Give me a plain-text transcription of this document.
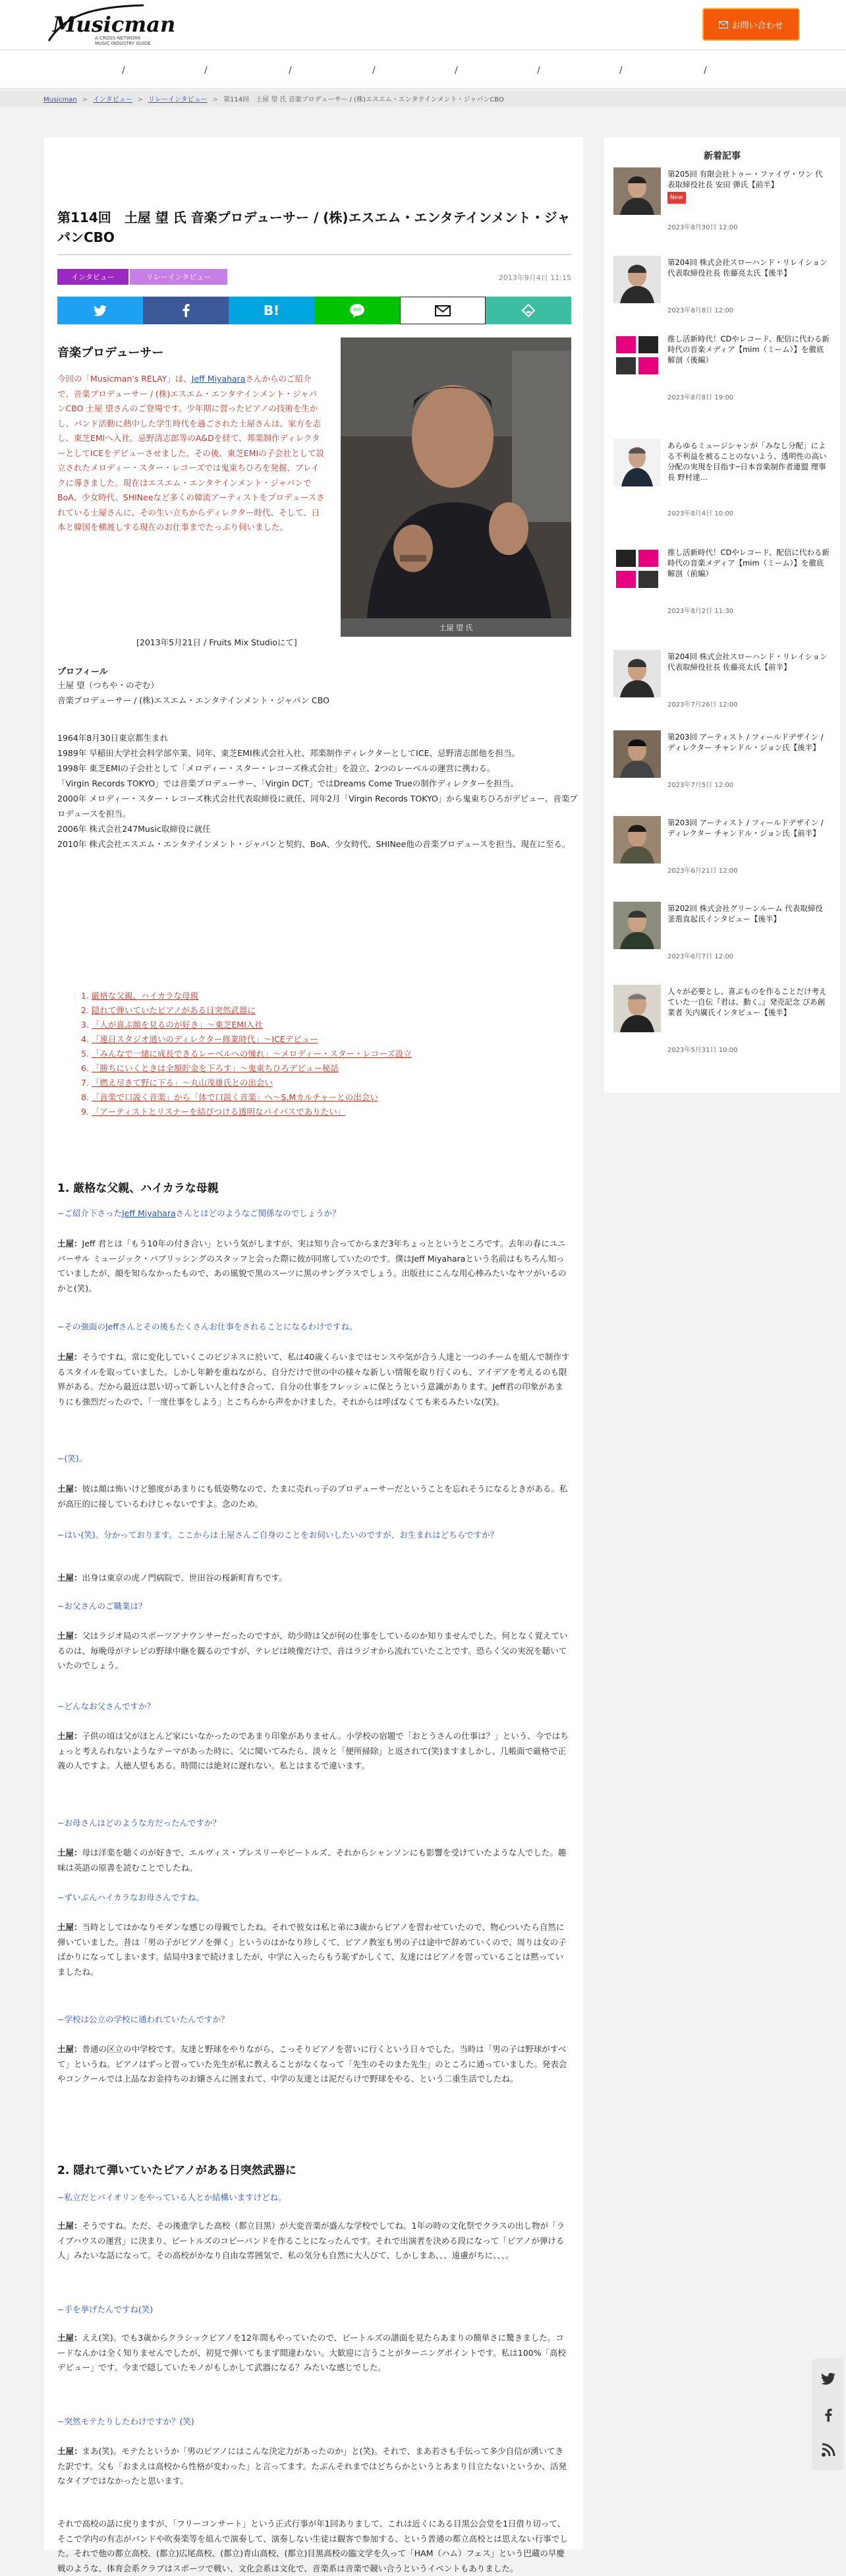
Musicman
A CROSS-NETWORK
MUSIC INDUSTRY GUIDE
お問い合わせ
/	/	/	/	/	/	/	/
Musicman > インタビュー > リレーインタビュー > 第114回　土屋 望 氏 音楽プロデューサー / (株)エスエム・エンタテインメント・ジャパンCBO
第114回　土屋 望 氏 音楽プロデューサー / (株)エスエム・エンタテインメント・ジャパンCBO
インタビュー	リレーインタビュー	2013年9月4日 11:15
B!
音楽プロデューサー

今回の「Musicman's RELAY」は、Jeff Miyaharaさんからのご紹介で、音楽プロデューサー / (株)エスエム・エンタテインメント・ジャパンCBO 土屋 望さんのご登場です。少年期に習ったピアノの技術を生かし、バンド活動に熱中した学生時代を過ごされた土屋さんは、家方を志し、東芝EMIへ入社。忌野清志郎等のA&Dを経て、邦楽制作ディレクターとしてICEをデビューさせました。その後、東芝EMIの子会社として設立されたメロディー・スター・レコーズでは鬼束ちひろを発掘、ブレイクに導きました。現在はエスエム・エンタテインメント・ジャパンでBoA、少女時代、SHINeeなど多くの韓流アーティストをプロデュースされている土屋さんに、その生い立ちからディレクター時代、そして、日本と韓国を横渡しする現在のお仕事までたっぷり伺いました。

土屋 望 氏
[2013年5月21日 / Fruits Mix Studioにて]
プロフィール
土屋 望（つちや・のぞむ）
音楽プロデューサー / (株)エスエム・エンタテインメント・ジャパン CBO
1964年8月30日東京都生まれ
1989年 早稲田大学社会科学部卒業、同年、東芝EMI株式会社入社、邦楽制作ディレクターとしてICE、忌野清志郎他を担当。
1998年 東芝EMIの子会社として「メロディー・スター・レコーズ株式会社」を設立、2つのレーベルの運営に携わる。
「Virgin Records TOKYO」では音楽プロデューサー、「Virgin DCT」ではDreams Come Trueの制作ディレクターを担当。
2000年 メロディー・スター・レコーズ株式会社代表取締役に就任、同年2月「Virgin Records TOKYO」から鬼束ちひろがデビュー、音楽プロデュースを担当。
2006年 株式会社247Music取締役に就任
2010年 株式会社エスエム・エンタテインメント・ジャパンと契約、BoA、少女時代、SHINee他の音楽プロデュースを担当、現在に至る。
1. 厳格な父親、ハイカラな母親
2. 隠れて弾いていたピアノがある日突然武器に
3. 「人が喜ぶ顔を見るのが好き」〜東芝EMI入社
4. 「連日スタジオ通いのディレクター修業時代」〜ICEデビュー
5. 「みんなで一緒に成長できるレーベルへの憧れ」〜メロディー・スター・レコーズ設立
6. 「勝ちにいくときは全額貯金を下ろす」〜鬼束ちひろデビュー秘話
7. 「燃え尽きて野に下る」〜丸山茂雄氏との出会い
8. 「音楽で口説く音楽」から「体で口説く音楽」へ〜S.Mカルチャーとの出会い
9. 「アーティストとリスナーを結びつける透明なパイパスでありたい」
1. 厳格な父親、ハイカラな母親
−ご紹介下さったJeff Miyaharaさんとはどのようなご関係なのでしょうか？
土屋：Jeff 君とは「もう10年の付き合い」という気がしますが、実は知り合ってからまだ3年ちょっとというところです。去年の春にユニバーサル ミュージック・パブリッシングのスタッフと会った際に彼が同席していたのです。僕はJeff Miyaharaという名前はもちろん知っていましたが、顔を知らなかったもので、あの風貌で黒のスーツに黒のサングラスでしょう。出版社にこんな用心棒みたいなヤツがいるのかと(笑)。
−その強面のJeffさんとその後もたくさんお仕事をされることになるわけですね。
土屋：そうですね。常に変化していくこのビジネスに於いて、私は40歳くらいまではセンスや気が合う人達と一つのチームを組んで制作するスタイルを取っていました。しかし年齢を重ねながら、自分だけで世の中の様々な新しい情報を取り行くのも、アイデアを考えるのも限界がある。だから最近は思い切って新しい人と付き合って、自分の仕事をフレッシュに保とうという意識があります。Jeff君の印象があまりにも強烈だったので、「一度仕事をしよう」とこちらから声をかけました。それからは呼ばなくても来るみたいな(笑)。
−(笑)。
土屋：彼は顔は怖いけど態度があまりにも低姿勢なので、たまに売れっ子のプロデューサーだということを忘れそうになるときがある。私が高圧的に接しているわけじゃないですよ。念のため。
−はい(笑)。分かっております。ここからは土屋さんご自身のことをお伺いしたいのですが、お生まれはどちらですか？
土屋：出身は東京の虎ノ門病院で、世田谷の桜新町育ちです。
−お父さんのご職業は？
土屋：父はラジオ局のスポーツアナウンサーだったのですが、幼少時は父が何の仕事をしているのか知りませんでした。何となく覚えているのは、毎晩母がテレビの野球中継を観るのですが、テレビは映像だけで、音はラジオから流れていたことです。恐らく父の実況を聴いていたのでしょう。
−どんなお父さんですか？
土屋：子供の頃は父がほとんど家にいなかったのであまり印象がありません。小学校の宿題で「おとうさんの仕事は？」という、今ではちょっと考えられないようなテーマがあった時に、父に聞いてみたら、淡々と「便所掃除」と返されて(笑)ますましかし、几帳面で厳格で正義の人ですよ。人徳人望もある。時間には絶対に遅れない。私とはまるで違います。
−お母さんはどのような方だったんですか？
土屋：母は洋楽を聴くのが好きで、エルヴィス・プレスリーやビートルズ、それからシャンソンにも影響を受けていたような人でした。趣味は英語の原書を読むことでしたね。
−ずいぶんハイカラなお母さんですね。
土屋：当時としてはかなりモダンな感じの母親でしたね。それで彼女は私と弟に3歳からピアノを習わせていたので、物心ついたら自然に弾いていました。昔は「男の子がピアノを弾く」というのはかなり珍しくて、ピアノ教室も男の子は途中で辞めていくので、周りは女の子ばかりになってしまいます。結局中3まで続けましたが、中学に入ったらもう恥ずかしくて、友達にはピアノを習っていることは黙っていましたね。
−学校は公立の学校に通われていたんですか？
土屋：普通の区立の中学校です。友達と野球をやりながら、こっそりピアノを習いに行くという日々でした。当時は「男の子は野球がすべて」というね。ピアノはずっと習っていた先生が私に教えることがなくなって「先生のそのまた先生」のところに通っていました。発表会やコンクールでは上品なお金持ちのお嬢さんに囲まれて、中学の友達とは泥だらけで野球をやる、という二重生活でしたね。
2. 隠れて弾いていたピアノがある日突然武器に
−私立だとバイオリンをやっている人とか結構いますけどね。
土屋：そうですね。ただ、その後進学した高校（都立目黒）が大変音楽が盛んな学校でしてね。1年の時の文化祭でクラスの出し物が「ライブハウスの運営」に決まり、ビートルズのコピーバンドを作ることになったんです。それで出演者を決める段になって「ピアノが弾ける人」みたいな話になって。その高校がかなり自由な雰囲気で、私の気分も自然に大人びて、しかしまあ、、、遠慮がちに、、、。
−手を挙げたんですね(笑)
土屋：ええ(笑)。でも3歳からクラシックピアノを12年間もやっていたので、ビートルズの譜面を見たらあまりの簡単さに驚きました。コードなんかは全く知りませんでしたが、初見で弾いてもまず間違わない。大歓迎に言うことがターニングポイントです。私は100%「高校デビュー」です。今まで隠していたモノがもしかして武器になる？みたいな感じでした。
−突然モテたりしたわけですか？(笑)
土屋：まあ(笑)。モテたというか「男のピアノにはこんな決定力があったのか」と(笑)。それで、まあ若さも手伝って多少自信が湧いてきた訳です。父も「おまえは高校から性格が変わった」と言ってます。たぶんそれまではどちらかというとあまり目立たないというか、活発なタイプではなかったと思います。
それで高校の話に戻りますが、「フリーコンサート」という正式行事が年1回ありまして、これは近くにある目黒公会堂を1日借り切って、そこで学内の有志がバンドや吹奏楽等を組んで演奏して、演奏しない生徒は観客で参加する、という普通の都立高校とは思えない行事でした。それで他の都立高校、(都立)広尾高校、(都立)青山高校、(都立)目黒高校の臨文学を久って「HAM（ハム）フェス」という巴蔵の早慶戦のような、体育会系クラブはスポーツで戦い、文化会系は文化で、音楽系は音楽で競い合うというイベントもありました。
新着記事
第205回 有限会社トゥー・ファイヴ・ワン 代表取締役社長 安田 弾氏【前半】
New
2023年8月30日 12:00
第204回 株式会社スローハンド・リレイション 代表取締役社長 佐藤亮太氏【後半】
2023年8月8日 12:00
推し活新時代！CDやレコード、配信に代わる新時代の音楽メディア【mim（ミーム）】を徹底解剖（後編）
2023年8月8日 19:00
あらゆるミュージシャンが「みなし分配」による不利益を被ることのないよう、透明性の高い分配の実現を目指す─日本音楽制作者連盟 理事長 野村達…
2023年8月4日 10:00
推し活新時代！CDやレコード、配信に代わる新時代の音楽メディア【mim（ミーム）】を徹底解剖（前編）
2023年8月2日 11:30
第204回 株式会社スローハンド・リレイション 代表取締役社長 佐藤亮太氏【前半】
2023年7月26日 12:00
第203回 アーティスト / フィールドデザイン / ディレクター チャンドル・ジョン氏【後半】
2023年7月5日 12:00
第203回 アーティスト / フィールドデザイン / ディレクター チャンドル・ジョン氏【前半】
2023年6月21日 12:00
第202回 株式会社グリーンルーム 代表取締役 釜萢直起氏インタビュー【後半】
2023年6月7日 12:00
人々が必要とし、喜ぶものを作ることだけ考えていた一自伝『君は、動く。』発売記念 ぴあ創業者 矢内廣氏インタビュー【後半】
2023年5月31日 10:00
